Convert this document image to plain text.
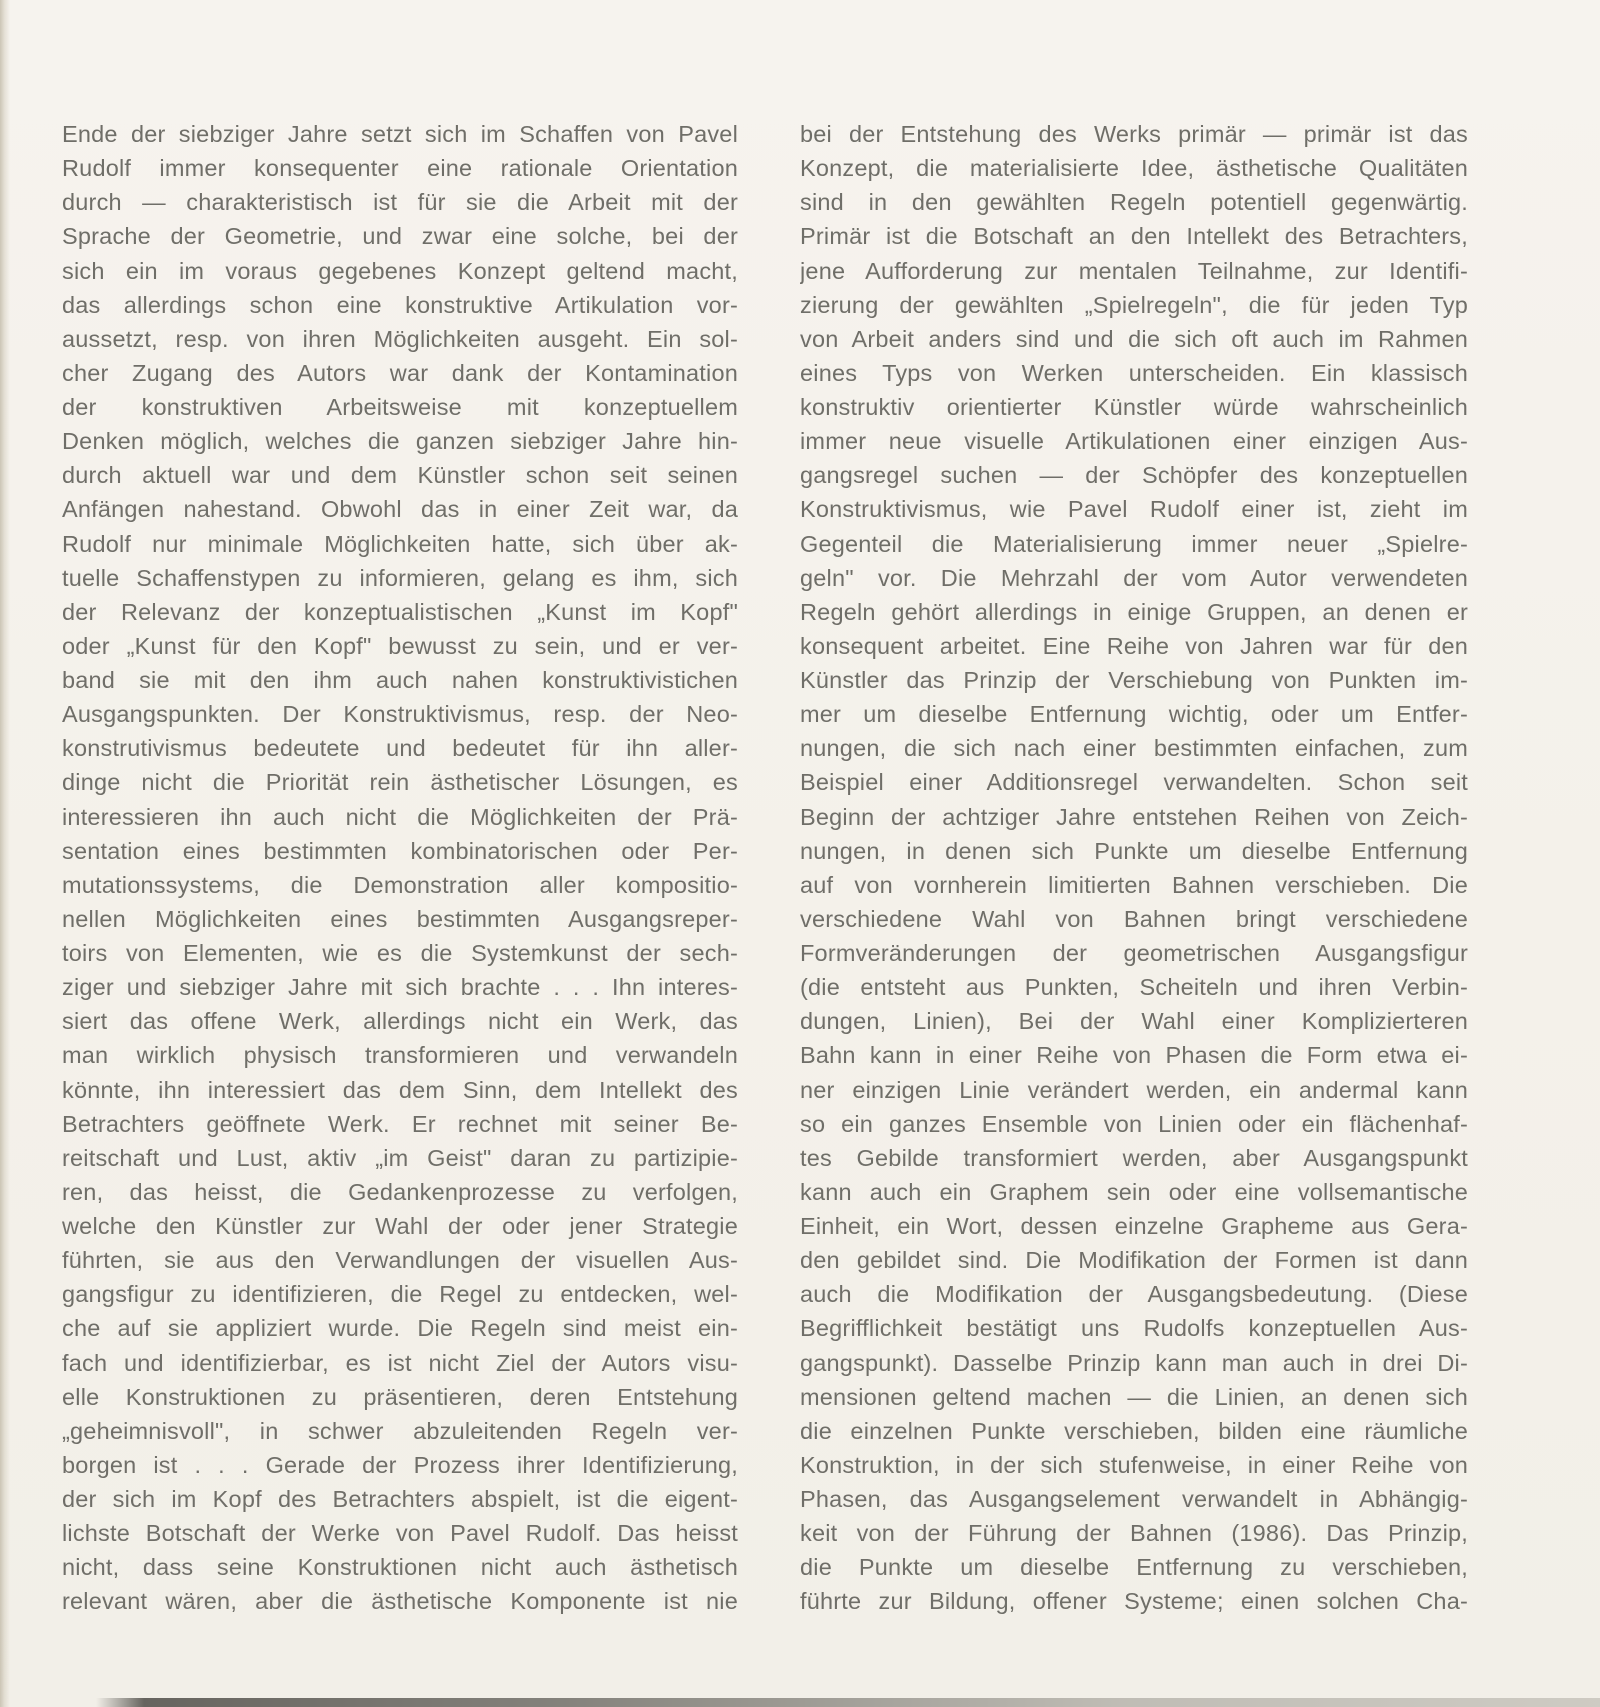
Ende der siebziger Jahre setzt sich im Schaffen von Pavel
Rudolf immer konsequenter eine rationale Orientation
durch — charakteristisch ist für sie die Arbeit mit der
Sprache der Geometrie, und zwar eine solche, bei der
sich ein im voraus gegebenes Konzept geltend macht,
das allerdings schon eine konstruktive Artikulation vor-
aussetzt, resp. von ihren Möglichkeiten ausgeht. Ein sol-
cher Zugang des Autors war dank der Kontamination
der konstruktiven Arbeitsweise mit konzeptuellem
Denken möglich, welches die ganzen siebziger Jahre hin-
durch aktuell war und dem Künstler schon seit seinen
Anfängen nahestand. Obwohl das in einer Zeit war, da
Rudolf nur minimale Möglichkeiten hatte, sich über ak-
tuelle Schaffenstypen zu informieren, gelang es ihm, sich
der Relevanz der konzeptualistischen „Kunst im Kopf"
oder „Kunst für den Kopf" bewusst zu sein, und er ver-
band sie mit den ihm auch nahen konstruktivistichen
Ausgangspunkten. Der Konstruktivismus, resp. der Neo-
konstrutivismus bedeutete und bedeutet für ihn aller-
dinge nicht die Priorität rein ästhetischer Lösungen, es
interessieren ihn auch nicht die Möglichkeiten der Prä-
sentation eines bestimmten kombinatorischen oder Per-
mutationssystems, die Demonstration aller kompositio-
nellen Möglichkeiten eines bestimmten Ausgangsreper-
toirs von Elementen, wie es die Systemkunst der sech-
ziger und siebziger Jahre mit sich brachte . . . Ihn interes-
siert das offene Werk, allerdings nicht ein Werk, das
man wirklich physisch transformieren und verwandeln
könnte, ihn interessiert das dem Sinn, dem Intellekt des
Betrachters geöffnete Werk. Er rechnet mit seiner Be-
reitschaft und Lust, aktiv „im Geist" daran zu partizipie-
ren, das heisst, die Gedankenprozesse zu verfolgen,
welche den Künstler zur Wahl der oder jener Strategie
führten, sie aus den Verwandlungen der visuellen Aus-
gangsfigur zu identifizieren, die Regel zu entdecken, wel-
che auf sie appliziert wurde. Die Regeln sind meist ein-
fach und identifizierbar, es ist nicht Ziel der Autors visu-
elle Konstruktionen zu präsentieren, deren Entstehung
„geheimnisvoll", in schwer abzuleitenden Regeln ver-
borgen ist . . . Gerade der Prozess ihrer Identifizierung,
der sich im Kopf des Betrachters abspielt, ist die eigent-
lichste Botschaft der Werke von Pavel Rudolf. Das heisst
nicht, dass seine Konstruktionen nicht auch ästhetisch
relevant wären, aber die ästhetische Komponente ist nie
bei der Entstehung des Werks primär — primär ist das
Konzept, die materialisierte Idee, ästhetische Qualitäten
sind in den gewählten Regeln potentiell gegenwärtig.
Primär ist die Botschaft an den Intellekt des Betrachters,
jene Aufforderung zur mentalen Teilnahme, zur Identifi-
zierung der gewählten „Spielregeln", die für jeden Typ
von Arbeit anders sind und die sich oft auch im Rahmen
eines Typs von Werken unterscheiden. Ein klassisch
konstruktiv orientierter Künstler würde wahrscheinlich
immer neue visuelle Artikulationen einer einzigen Aus-
gangsregel suchen — der Schöpfer des konzeptuellen
Konstruktivismus, wie Pavel Rudolf einer ist, zieht im
Gegenteil die Materialisierung immer neuer „Spielre-
geln" vor. Die Mehrzahl der vom Autor verwendeten
Regeln gehört allerdings in einige Gruppen, an denen er
konsequent arbeitet. Eine Reihe von Jahren war für den
Künstler das Prinzip der Verschiebung von Punkten im-
mer um dieselbe Entfernung wichtig, oder um Entfer-
nungen, die sich nach einer bestimmten einfachen, zum
Beispiel einer Additionsregel verwandelten. Schon seit
Beginn der achtziger Jahre entstehen Reihen von Zeich-
nungen, in denen sich Punkte um dieselbe Entfernung
auf von vornherein limitierten Bahnen verschieben. Die
verschiedene Wahl von Bahnen bringt verschiedene
Formveränderungen der geometrischen Ausgangsfigur
(die entsteht aus Punkten, Scheiteln und ihren Verbin-
dungen, Linien), Bei der Wahl einer Komplizierteren
Bahn kann in einer Reihe von Phasen die Form etwa ei-
ner einzigen Linie verändert werden, ein andermal kann
so ein ganzes Ensemble von Linien oder ein flächenhaf-
tes Gebilde transformiert werden, aber Ausgangspunkt
kann auch ein Graphem sein oder eine vollsemantische
Einheit, ein Wort, dessen einzelne Grapheme aus Gera-
den gebildet sind. Die Modifikation der Formen ist dann
auch die Modifikation der Ausgangsbedeutung. (Diese
Begrifflichkeit bestätigt uns Rudolfs konzeptuellen Aus-
gangspunkt). Dasselbe Prinzip kann man auch in drei Di-
mensionen geltend machen — die Linien, an denen sich
die einzelnen Punkte verschieben, bilden eine räumliche
Konstruktion, in der sich stufenweise, in einer Reihe von
Phasen, das Ausgangselement verwandelt in Abhängig-
keit von der Führung der Bahnen (1986). Das Prinzip,
die Punkte um dieselbe Entfernung zu verschieben,
führte zur Bildung, offener Systeme; einen solchen Cha-
